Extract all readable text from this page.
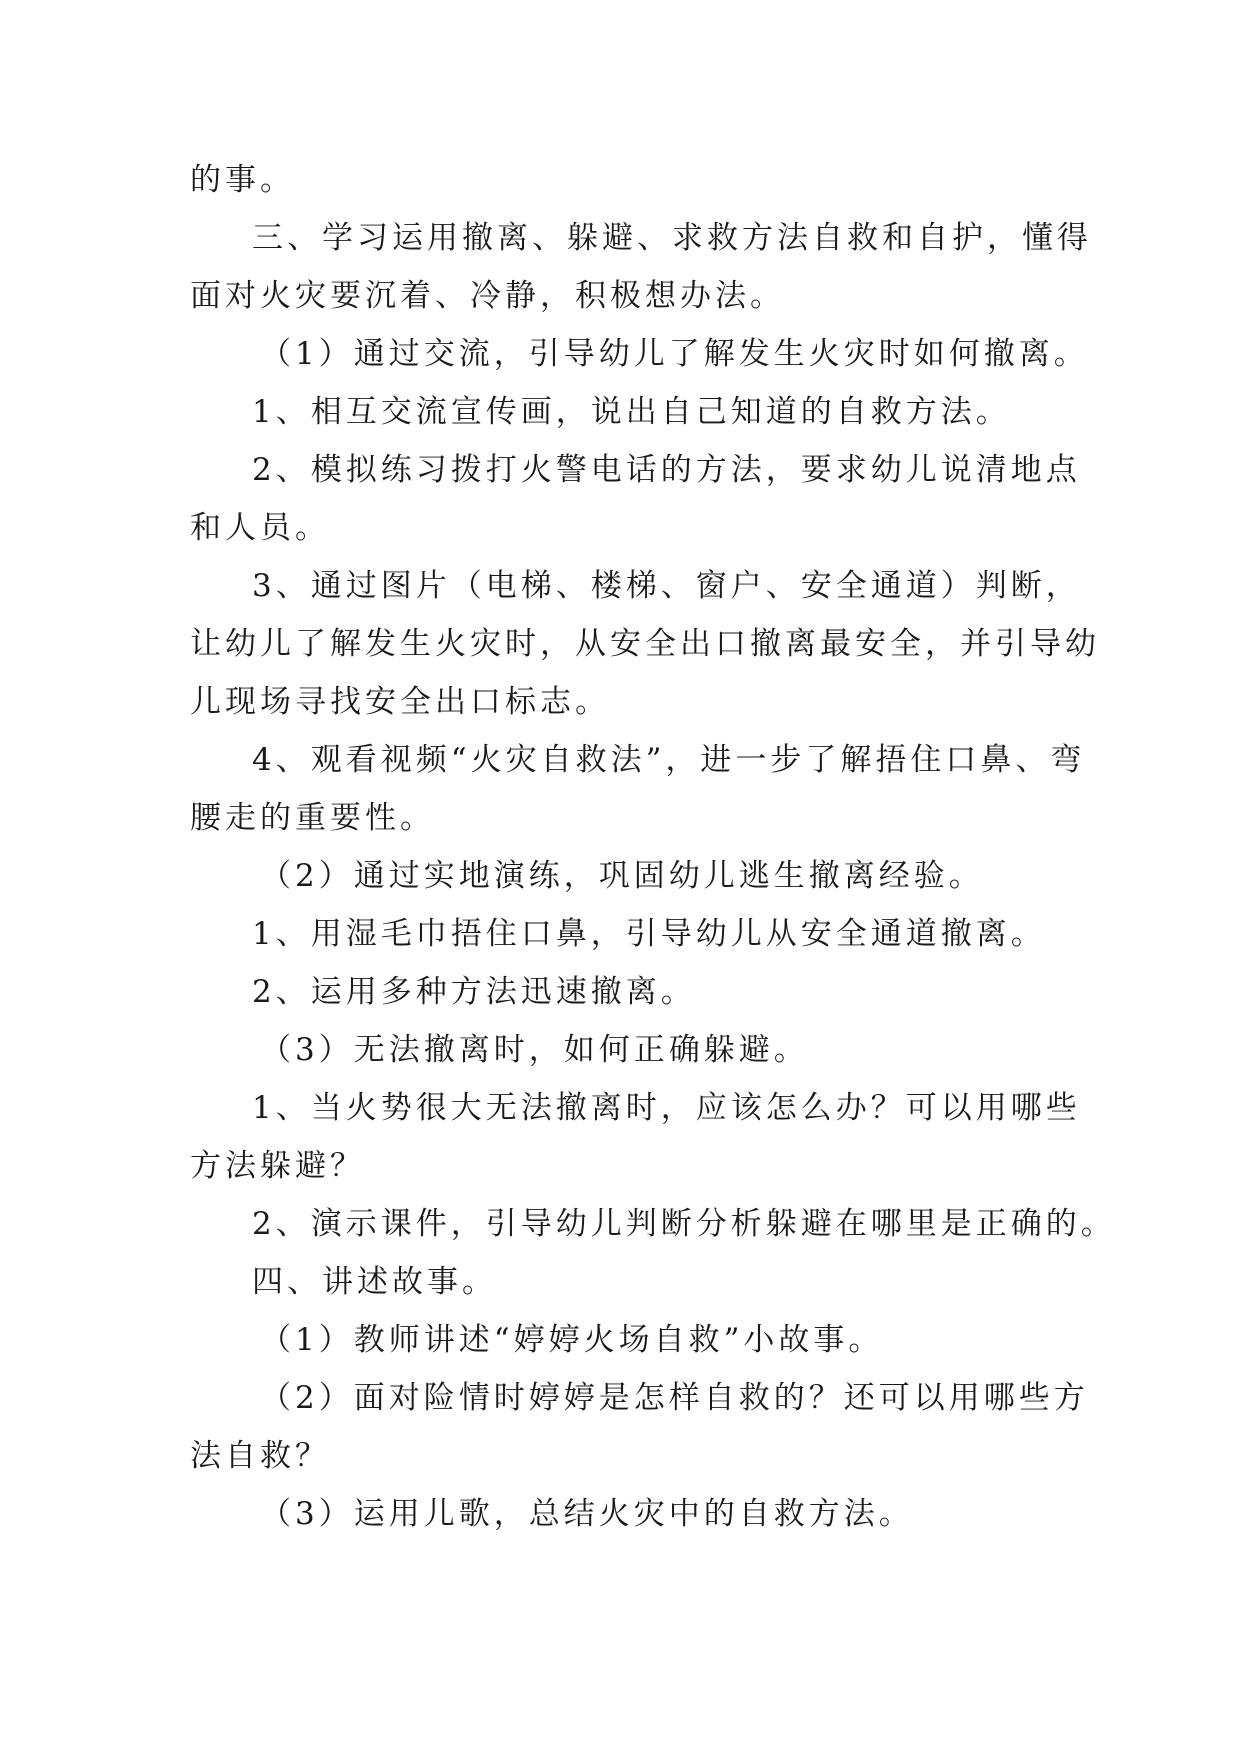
的事。
三、学习运用撤离、躲避、求救方法自救和自护，懂得
面对火灾要沉着、冷静，积极想办法。
（1）通过交流，引导幼儿了解发生火灾时如何撤离。
1、相互交流宣传画，说出自己知道的自救方法。
2、模拟练习拨打火警电话的方法，要求幼儿说清地点
和人员。
3、通过图片（电梯、楼梯、窗户、安全通道）判断，
让幼儿了解发生火灾时，从安全出口撤离最安全，并引导幼
儿现场寻找安全出口标志。
4、观看视频“火灾自救法”，进一步了解捂住口鼻、弯
腰走的重要性。
（2）通过实地演练，巩固幼儿逃生撤离经验。
1、用湿毛巾捂住口鼻，引导幼儿从安全通道撤离。
2、运用多种方法迅速撤离。
（3）无法撤离时，如何正确躲避。
1、当火势很大无法撤离时，应该怎么办？可以用哪些
方法躲避？
2、演示课件，引导幼儿判断分析躲避在哪里是正确的。
四、讲述故事。
（1）教师讲述“婷婷火场自救”小故事。
（2）面对险情时婷婷是怎样自救的？还可以用哪些方
法自救？
（3）运用儿歌，总结火灾中的自救方法。
